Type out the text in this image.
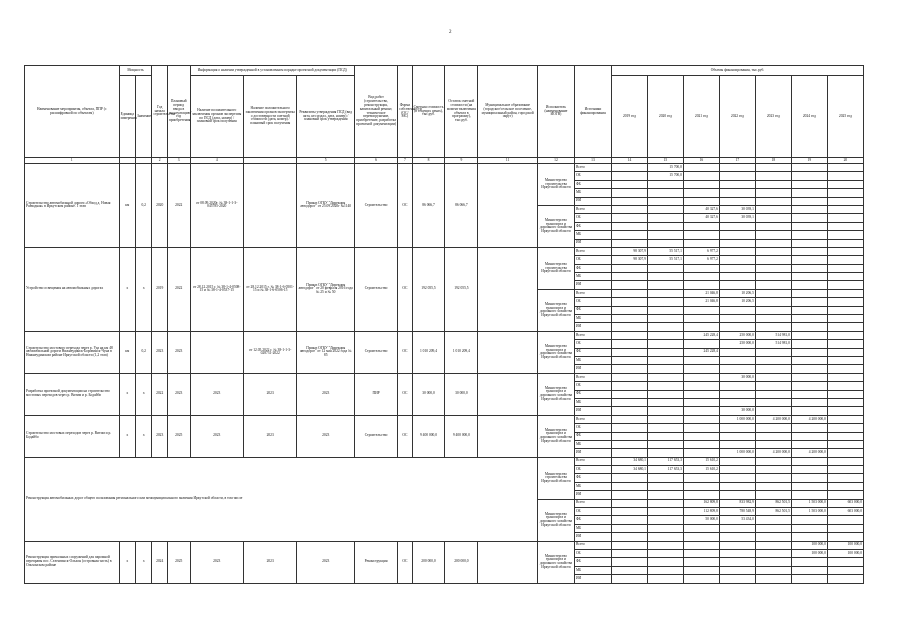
2
Наименование мероприятия, объекта, ППР (с расшифровкой по объектам)	Мощность		Год начала строительства	Плановый период ввода в эксплуатацию/год приобретения	Информация о наличии утвержденной в установленном порядке проектной документации (ПСД)			Вид работ (строительство, реконструкция, капитальный ремонт, техническое перевооружение, приобретение, разработка проектной документации)	Форма собственности (ОС/МС)	Сметная стоимость (в текущих ценах), тыс.руб.	Остаток сметной стоимости (на момент включения объекта в программу), тыс.руб.	Муниципальное образование (городское/сельское поселение, муниципальный район, городской округ)	Исполнитель (наименование ИОГВ)	Источники финансирования	Объемы финансирования, тыс.руб.						
	Единица измерения	Значение			Наличие положительного заключения органов экспертизы по ПСД (дата, номер) / плановый срок получения	Наличие положительного заключения органов экспертизы о достоверности сметной стоимости (дата, номер) / плановый срок получения	Реквизиты утверждения ПСД (вид акта, кто издал, дата, номер) / плановый срок утверждения								2019 год	2020 год	2021 год	2022 год	2023 год	2024 год	2025 год

1			2	3	4		5	6	7	8	9	11	12	13	14	15	16	17	18	19	20
Строительство автомобильной дороги «Обход д. Новая Разводная» в Иркутском районе. 1 этап	км	0,2	2020	2022	от 08.09.2020г. № 38-1-1-3-045785-2020		Приказ ОГКУ "Дирекция автодорог" от 25.09.2020г №1140	Строительство	ОС	86 066,7	86 066,7		Министерство строительства Иркутской области	Всего		15 700,0					
														ОБ		15 700,0					
														ФБ							
														МБ							
														ИИ							
													Министерство транспорта и дорожного хозяйства Иркутской области	Всего			40 327,6	30 039,1			
														ОБ			40 327,6	30 039,1			
														ФБ							
														МБ							
														ИИ							
Устройство освещения на автомобильных дорогах	х	х	2019	2022	от 28.12.2015 г. № 38-1-4-0508-15 и № 38-1-4-0537-15	от 28.12.2015 г. № 38-1-6-0501-15 и № 38-1-6-0506-15	Приказ ОГКУ "Дирекция автодорог" от 20 февраля 2016 года № 25 и № 50	Строительство	ОС	192 055,5	192 055,5		Министерство строительства Иркутской области	Всего	98 307,9	55 517,1	6 977,2				
														ОБ	98 307,9	55 517,1	6 977,2				
														ФБ							
														МБ							
														ИИ							
													Министерство транспорта и дорожного хозяйства Иркутской области	Всего			21 046,8	10 206,5			
														ОБ			21 046,8	10 206,5			
														ФБ							
														МБ							
														ИИ							
Строительство мостового перехода через р. Уда на км 48 автомобильной дороги Нижнеудинск-Боровинск-Чуна в Нижнеудинском районе Иркутской области (1,2 этап)	км	0,2	2023	2023		от 12.05.2022 г. № 38-1-1-3-028731-2022	Приказ ОГКУ "Дирекция автодорог" от 12 мая 2022 года № 85	Строительство	ОС	1 010 209,4	1 010 209,4		Министерство транспорта и дорожного хозяйства Иркутской области	Всего			245 228,4	250 000,0	514 981,0		
														ОБ				250 000,0	514 981,0		
														ФБ			245 228,4				
														МБ							
														ИИ							
Разработка проектной документации на строительство мостовых переходов через р. Витим и р. Бодайбо	х	х	2022	2023	2023	2023	2023	ПИР	ОС	30 000,0	30 000,0		Министерство транспорта и дорожного хозяйства Иркутской области	Всего				30 000,0			
														ОБ							
														ФБ							
														МБ							
														ИИ				30 000,0			
Строительство мостовых переходов через р. Витим и р. Бодайбо	х	х	2023	2025	2023	2023	2023	Строительство	ОС	9 400 000,0	9 400 000,0		Министерство транспорта и дорожного хозяйства Иркутской области	Всего				1 000 000,0	4 200 000,0	4 200 000,0	
														ОБ							
														ФБ							
														МБ							
														ИИ				1 000 000,0	4 200 000,0	4 200 000,0	
Реконструкция автомобильных дорог общего пользования регионального или межмуниципального значения Иркутской области, в том числе													Министерство строительства Иркутской области	Всего	34 680,1	117 653,3	15 610,2				
														ОБ	34 680,1	117 653,3	15 610,2				
														ФБ							
														МБ							
														ИИ							
													Министерство транспорта и дорожного хозяйства Иркутской области	Всего			162 809,8	833 982,9	862 501,5	1 503 000,0	603 000,0
														ОБ			112 809,8	780 548,9	862 501,5	1 503 000,0	603 000,0
														ФБ			50 000,0	53 434,0			
														МБ							
														ИИ							
Реконструкция причальных сооружений для паромной переправы пос. Селенгинск-Ольхон (островная часть) в Ольхонском районе	х	х	2024	2025	2023	2023	2023	Реконструкция	ОС	200 000,0	200 000,0		Министерство транспорта и дорожного хозяйства Иркутской области	Всего						100 000,0	100 000,0
														ОБ						100 000,0	100 000,0
														ФБ							
														МБ							
														ИИ							
